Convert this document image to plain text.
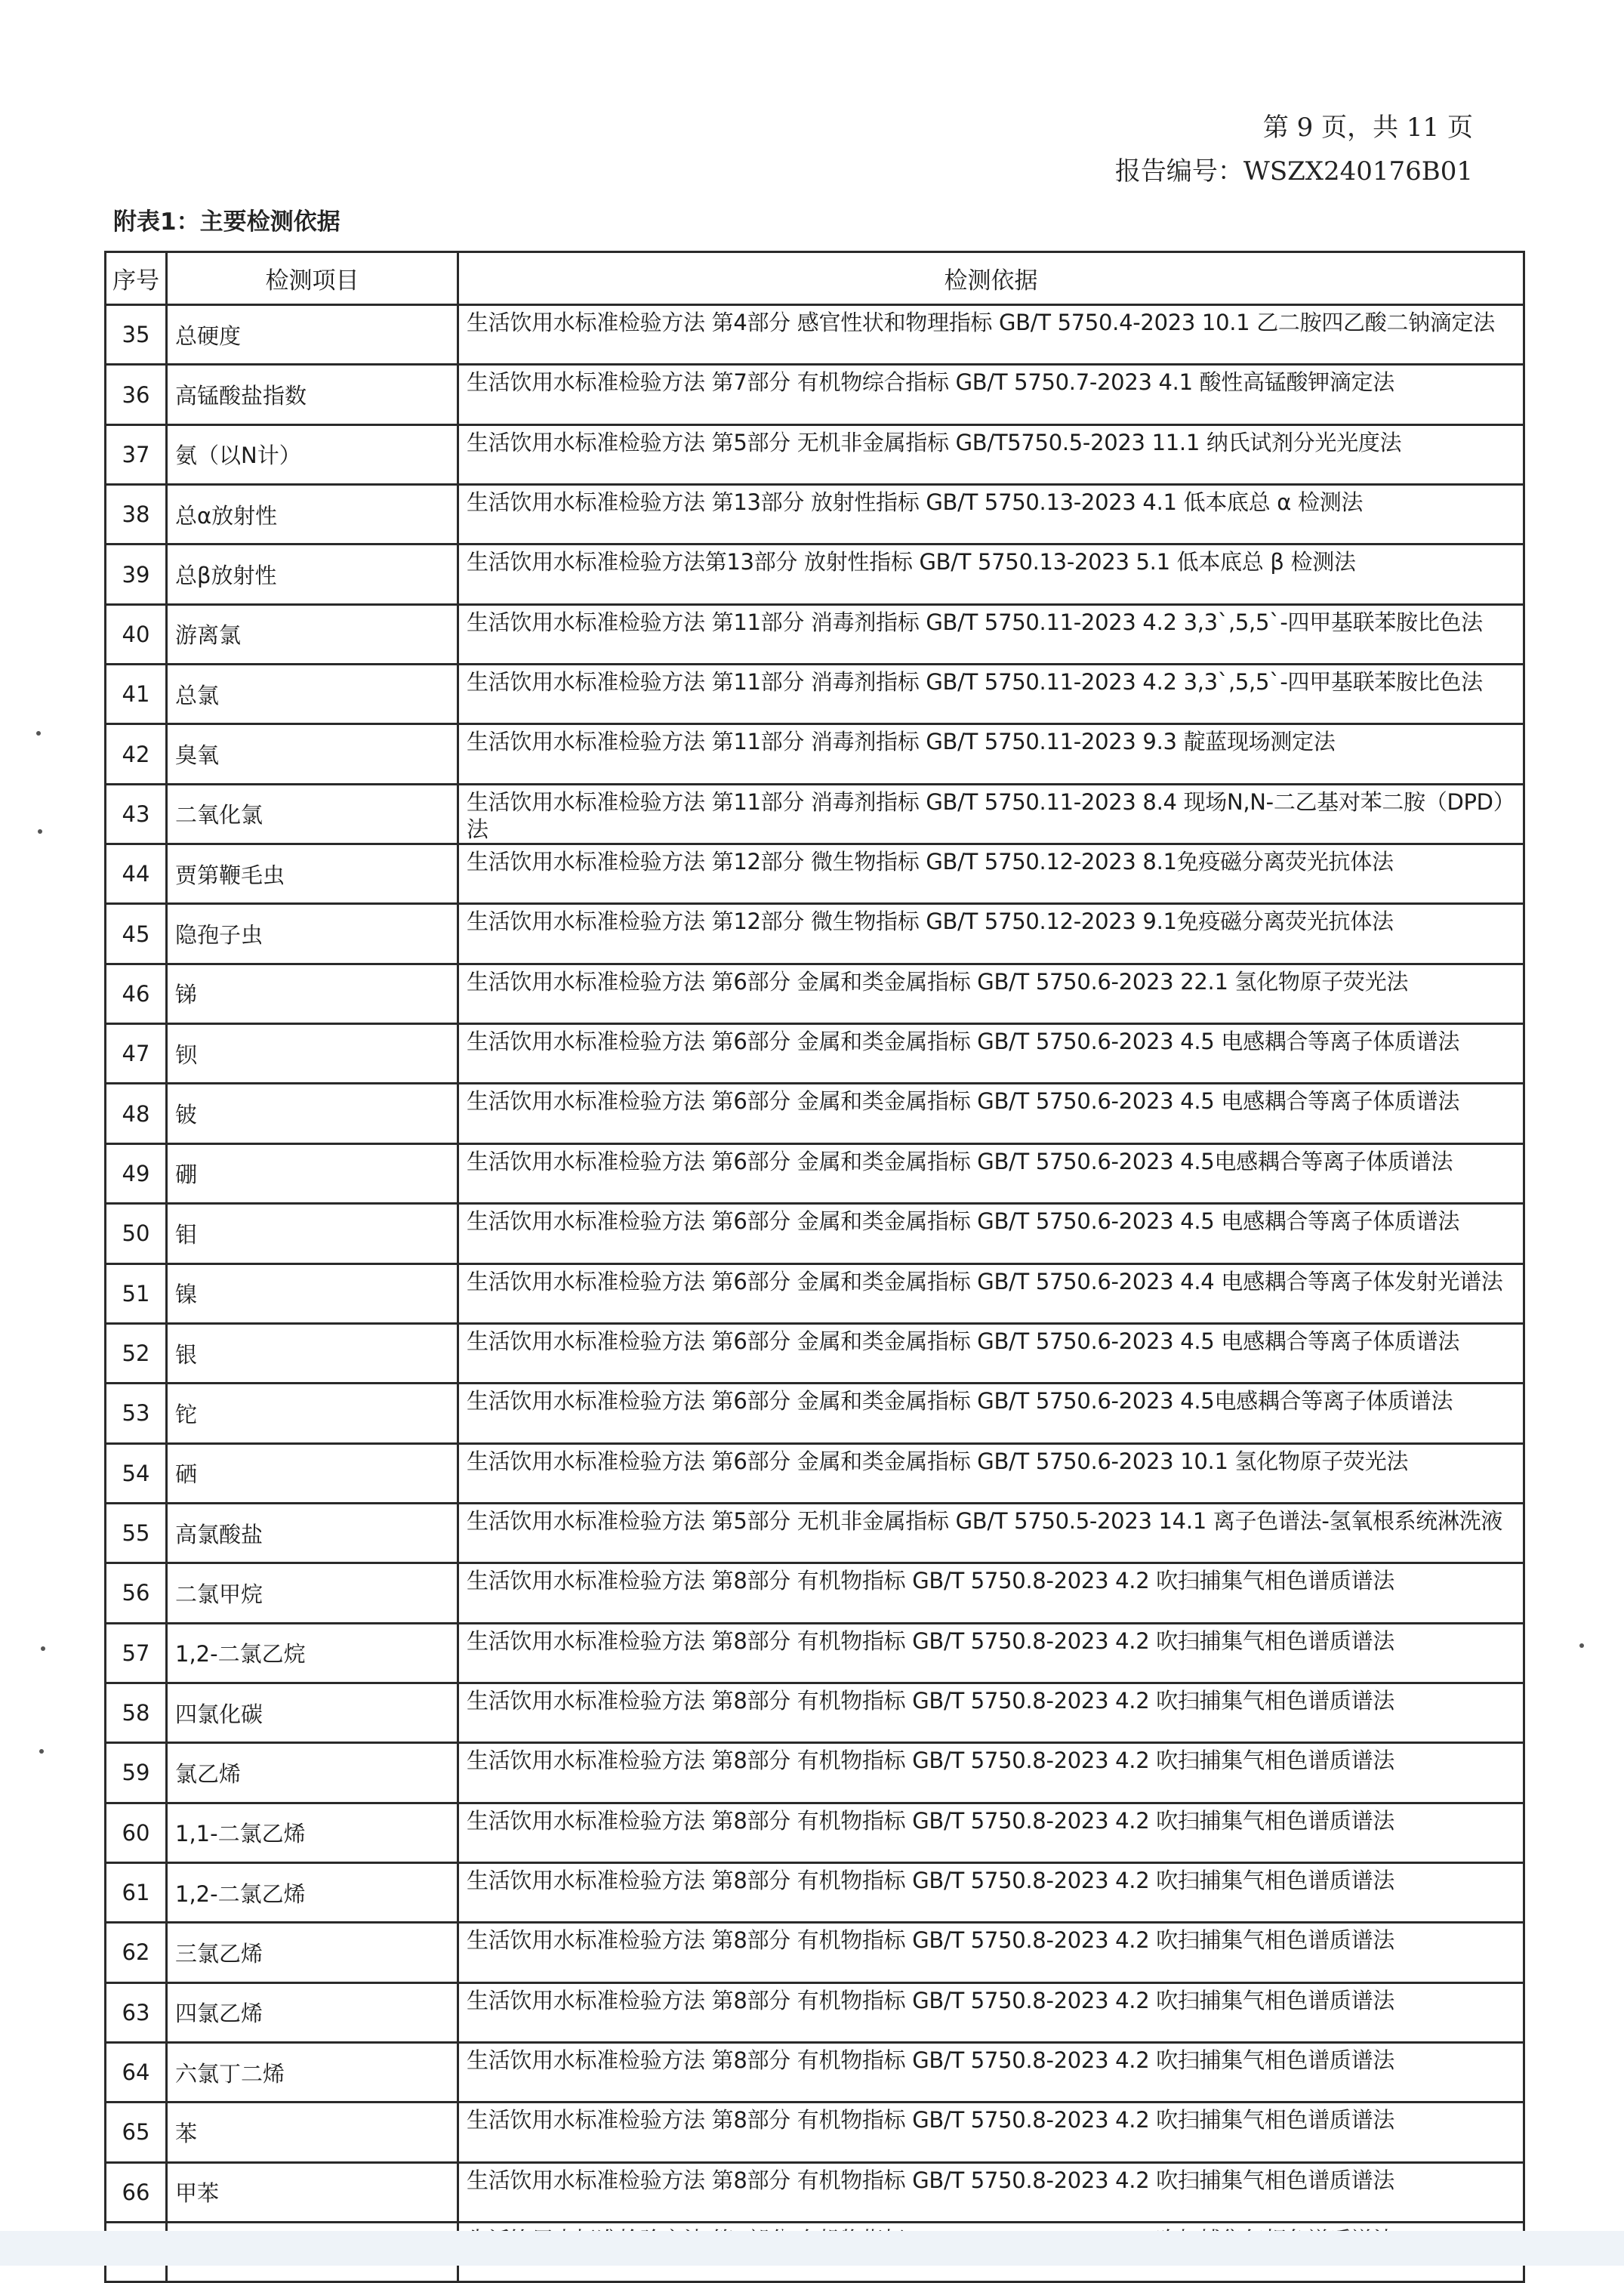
第 9 页，共 11 页
报告编号：WSZX240176B01
附表1：主要检测依据
序号	检测项目	检测依据
35	总硬度	生活饮用水标准检验方法 第4部分 感官性状和物理指标 GB/T 5750.4-2023 10.1 乙二胺四乙酸二钠滴定法
36	高锰酸盐指数	生活饮用水标准检验方法 第7部分 有机物综合指标 GB/T 5750.7-2023 4.1 酸性高锰酸钾滴定法
37	氨（以N计）	生活饮用水标准检验方法 第5部分 无机非金属指标 GB/T5750.5-2023 11.1 纳氏试剂分光光度法
38	总α放射性	生活饮用水标准检验方法 第13部分 放射性指标 GB/T 5750.13-2023 4.1 低本底总 α 检测法
39	总β放射性	生活饮用水标准检验方法第13部分 放射性指标 GB/T 5750.13-2023 5.1 低本底总 β 检测法
40	游离氯	生活饮用水标准检验方法 第11部分 消毒剂指标 GB/T 5750.11-2023 4.2 3,3`,5,5`-四甲基联苯胺比色法
41	总氯	生活饮用水标准检验方法 第11部分 消毒剂指标 GB/T 5750.11-2023 4.2 3,3`,5,5`-四甲基联苯胺比色法
42	臭氧	生活饮用水标准检验方法 第11部分 消毒剂指标 GB/T 5750.11-2023 9.3 靛蓝现场测定法
43	二氧化氯	生活饮用水标准检验方法 第11部分 消毒剂指标 GB/T 5750.11-2023 8.4 现场N,N-二乙基对苯二胺（DPD）法
44	贾第鞭毛虫	生活饮用水标准检验方法 第12部分 微生物指标 GB/T 5750.12-2023 8.1免疫磁分离荧光抗体法
45	隐孢子虫	生活饮用水标准检验方法 第12部分 微生物指标 GB/T 5750.12-2023 9.1免疫磁分离荧光抗体法
46	锑	生活饮用水标准检验方法 第6部分 金属和类金属指标 GB/T 5750.6-2023 22.1 氢化物原子荧光法
47	钡	生活饮用水标准检验方法 第6部分 金属和类金属指标 GB/T 5750.6-2023 4.5 电感耦合等离子体质谱法
48	铍	生活饮用水标准检验方法 第6部分 金属和类金属指标 GB/T 5750.6-2023 4.5 电感耦合等离子体质谱法
49	硼	生活饮用水标准检验方法 第6部分 金属和类金属指标 GB/T 5750.6-2023 4.5电感耦合等离子体质谱法
50	钼	生活饮用水标准检验方法 第6部分 金属和类金属指标 GB/T 5750.6-2023 4.5 电感耦合等离子体质谱法
51	镍	生活饮用水标准检验方法 第6部分 金属和类金属指标 GB/T 5750.6-2023 4.4 电感耦合等离子体发射光谱法
52	银	生活饮用水标准检验方法 第6部分 金属和类金属指标 GB/T 5750.6-2023 4.5 电感耦合等离子体质谱法
53	铊	生活饮用水标准检验方法 第6部分 金属和类金属指标 GB/T 5750.6-2023 4.5电感耦合等离子体质谱法
54	硒	生活饮用水标准检验方法 第6部分 金属和类金属指标 GB/T 5750.6-2023 10.1 氢化物原子荧光法
55	高氯酸盐	生活饮用水标准检验方法 第5部分 无机非金属指标 GB/T 5750.5-2023 14.1 离子色谱法-氢氧根系统淋洗液
56	二氯甲烷	生活饮用水标准检验方法 第8部分 有机物指标 GB/T 5750.8-2023 4.2 吹扫捕集气相色谱质谱法
57	1,2-二氯乙烷	生活饮用水标准检验方法 第8部分 有机物指标 GB/T 5750.8-2023 4.2 吹扫捕集气相色谱质谱法
58	四氯化碳	生活饮用水标准检验方法 第8部分 有机物指标 GB/T 5750.8-2023 4.2 吹扫捕集气相色谱质谱法
59	氯乙烯	生活饮用水标准检验方法 第8部分 有机物指标 GB/T 5750.8-2023 4.2 吹扫捕集气相色谱质谱法
60	1,1-二氯乙烯	生活饮用水标准检验方法 第8部分 有机物指标 GB/T 5750.8-2023 4.2 吹扫捕集气相色谱质谱法
61	1,2-二氯乙烯	生活饮用水标准检验方法 第8部分 有机物指标 GB/T 5750.8-2023 4.2 吹扫捕集气相色谱质谱法
62	三氯乙烯	生活饮用水标准检验方法 第8部分 有机物指标 GB/T 5750.8-2023 4.2 吹扫捕集气相色谱质谱法
63	四氯乙烯	生活饮用水标准检验方法 第8部分 有机物指标 GB/T 5750.8-2023 4.2 吹扫捕集气相色谱质谱法
64	六氯丁二烯	生活饮用水标准检验方法 第8部分 有机物指标 GB/T 5750.8-2023 4.2 吹扫捕集气相色谱质谱法
65	苯	生活饮用水标准检验方法 第8部分 有机物指标 GB/T 5750.8-2023 4.2 吹扫捕集气相色谱质谱法
66	甲苯	生活饮用水标准检验方法 第8部分 有机物指标 GB/T 5750.8-2023 4.2 吹扫捕集气相色谱质谱法
